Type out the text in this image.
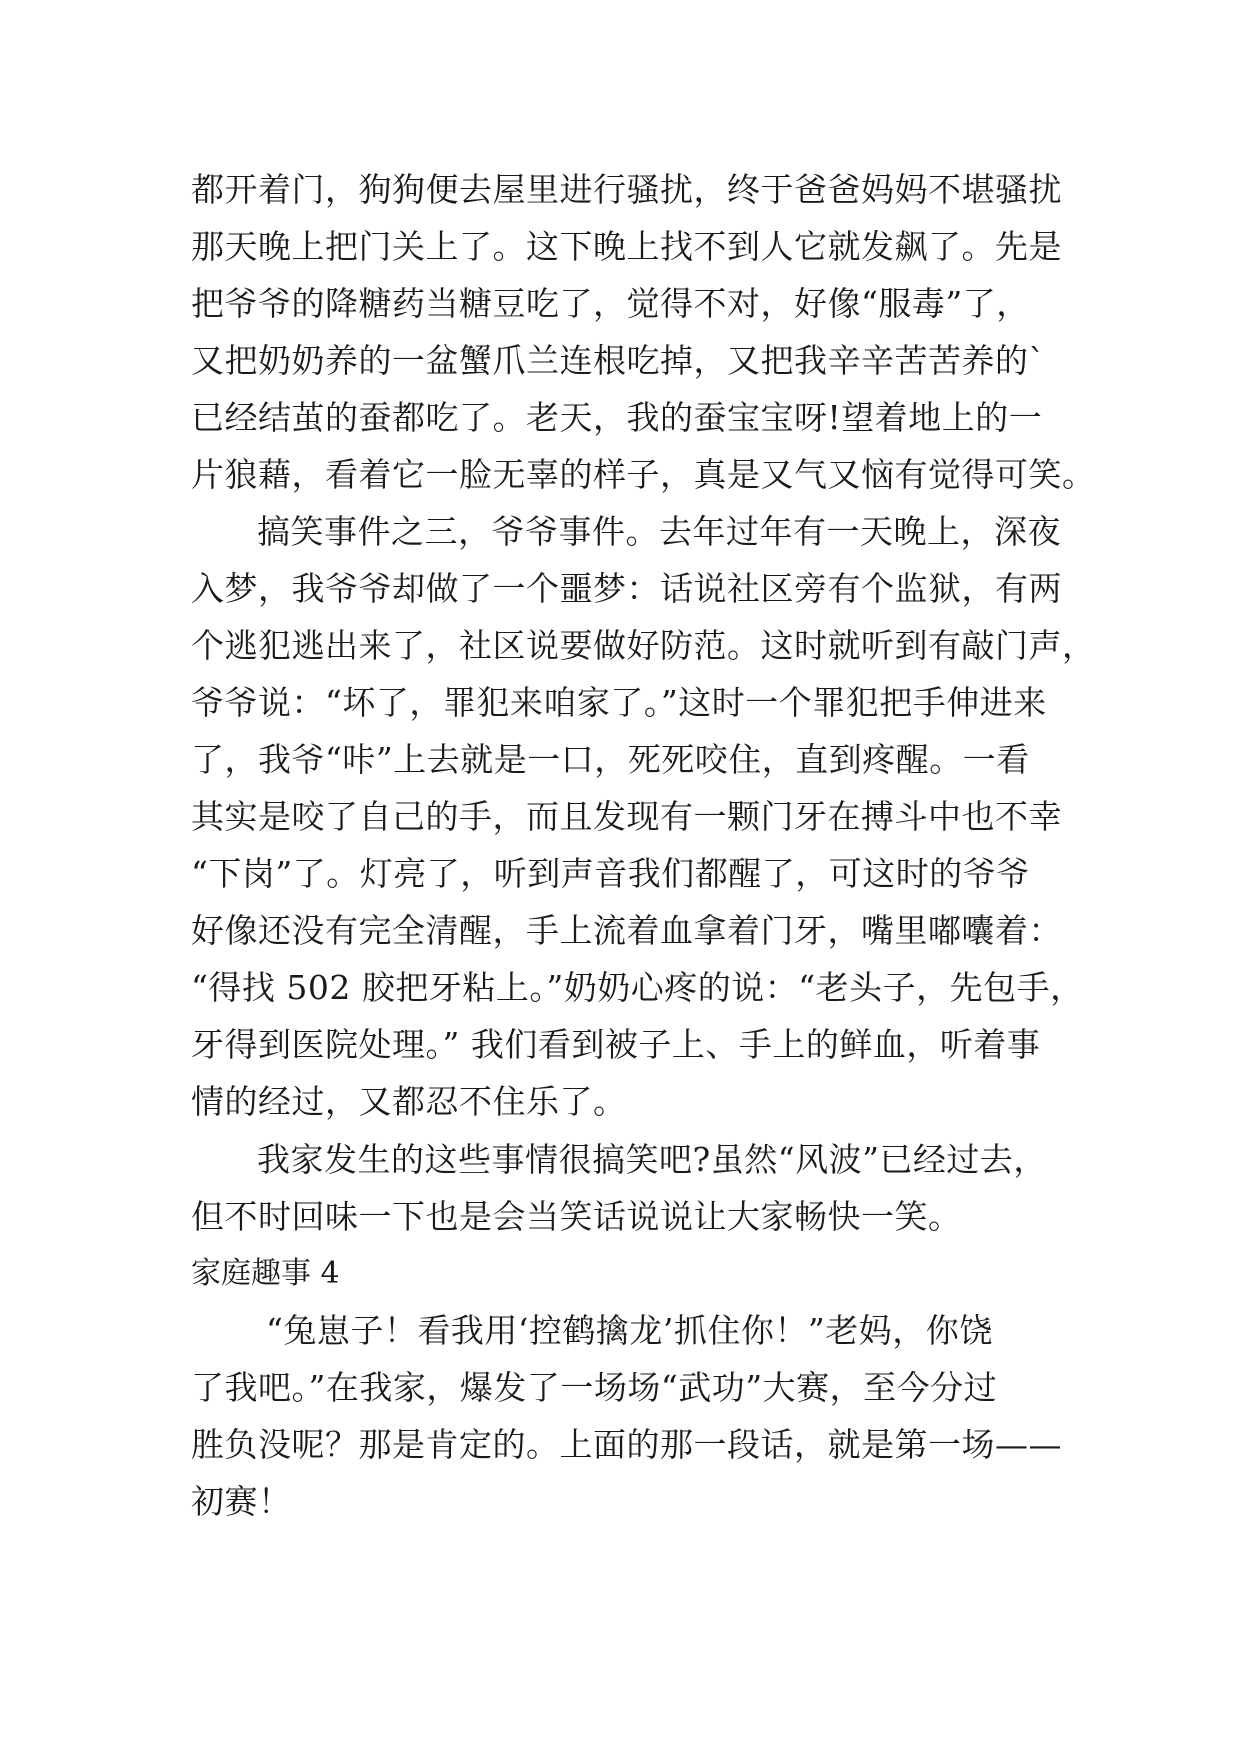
都开着门，狗狗便去屋里进行骚扰，终于爸爸妈妈不堪骚扰
那天晚上把门关上了。这下晚上找不到人它就发飙了。先是
把爷爷的降糖药当糖豆吃了，觉得不对，好像“服毒”了，
又把奶奶养的一盆蟹爪兰连根吃掉，又把我辛辛苦苦养的`
已经结茧的蚕都吃了。老天，我的蚕宝宝呀!望着地上的一
片狼藉，看着它一脸无辜的样子，真是又气又恼有觉得可笑。
搞笑事件之三，爷爷事件。去年过年有一天晚上，深夜
入梦，我爷爷却做了一个噩梦：话说社区旁有个监狱，有两
个逃犯逃出来了，社区说要做好防范。这时就听到有敲门声，
爷爷说：“坏了，罪犯来咱家了。”这时一个罪犯把手伸进来
了，我爷“咔”上去就是一口，死死咬住，直到疼醒。一看
其实是咬了自己的手，而且发现有一颗门牙在搏斗中也不幸
“下岗”了。灯亮了，听到声音我们都醒了，可这时的爷爷
好像还没有完全清醒，手上流着血拿着门牙，嘴里嘟囔着：
“得找 502 胶把牙粘上。”奶奶心疼的说：“老头子，先包手，
牙得到医院处理。” 我们看到被子上、手上的鲜血，听着事
情的经过，又都忍不住乐了。
我家发生的这些事情很搞笑吧?虽然“风波”已经过去，
但不时回味一下也是会当笑话说说让大家畅快一笑。
家庭趣事 4
“兔崽子！看我用‘控鹤擒龙’抓住你！”老妈，你饶
了我吧。”在我家，爆发了一场场“武功”大赛，至今分过
胜负没呢？那是肯定的。上面的那一段话，就是第一场——
初赛！
